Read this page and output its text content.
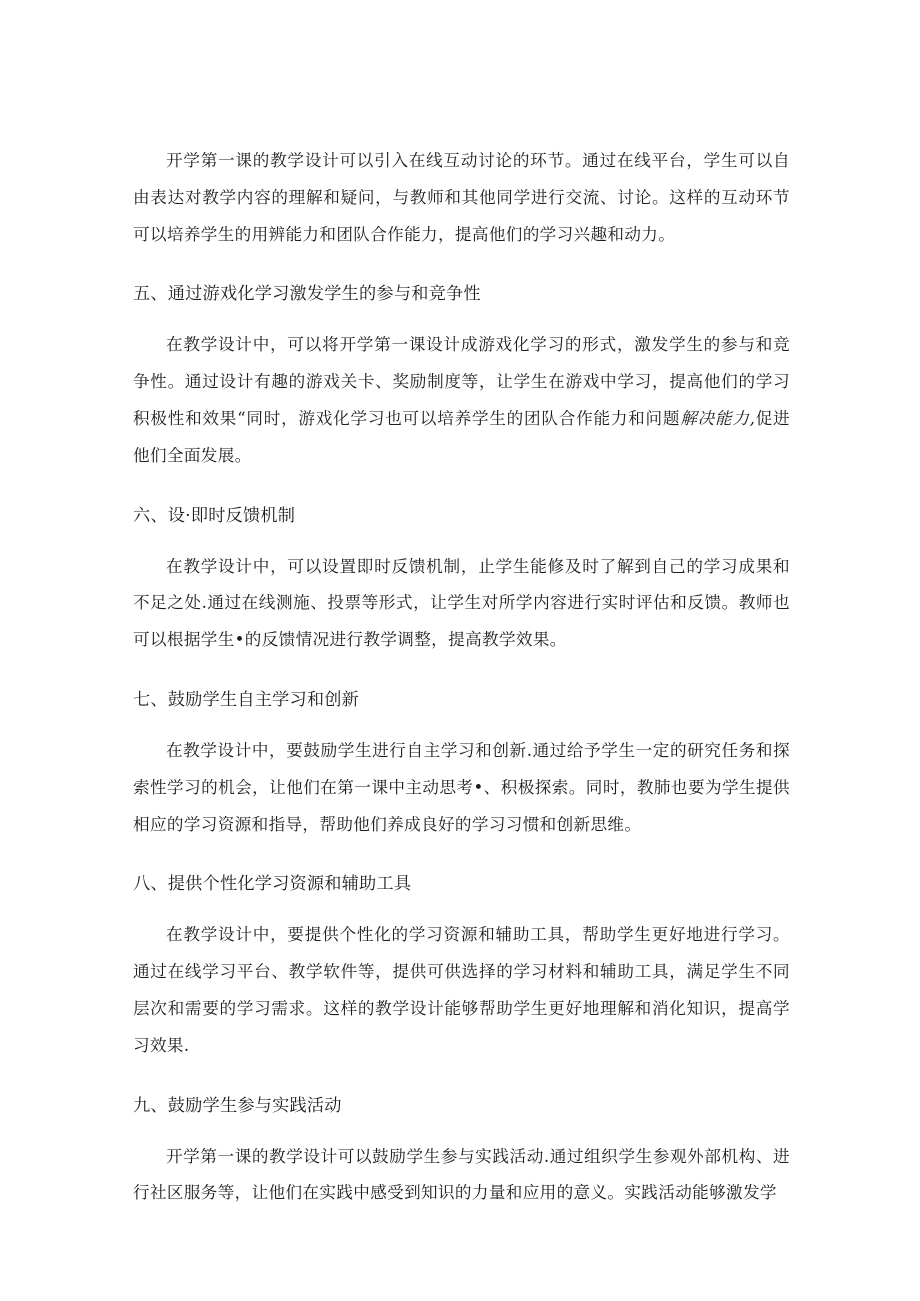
开学第一课的教学设计可以引入在线互动讨论的环节。通过在线平台，学生可以自由表达对教学内容的理解和疑问，与教师和其他同学进行交流、讨论。这样的互动环节可以培养学生的用辨能力和团队合作能力，提高他们的学习兴趣和动力。

五、通过游戏化学习激发学生的参与和竞争性

在教学设计中，可以将开学第一课设计成游戏化学习的形式，激发学生的参与和竞争性。通过设计有趣的游戏关卡、奖励制度等，让学生在游戏中学习，提高他们的学习积极性和效果“同时，游戏化学习也可以培养学生的团队合作能力和问题解决能力,促进他们全面发展。

六、设·即时反馈机制

在教学设计中，可以设置即时反馈机制，止学生能修及时了解到自己的学习成果和不足之处.通过在线测施、投票等形式，让学生对所学内容进行实时评估和反馈。教师也可以根据学生•的反馈情况进行教学调整，提高教学效果。

七、鼓励学生自主学习和创新

在教学设计中，要鼓励学生进行自主学习和创新.通过给予学生一定的研究任务和探索性学习的机会，让他们在第一课中主动思考•、积极探索。同时，教肺也要为学生提供相应的学习资源和指导，帮助他们养成良好的学习习惯和创新思维。

八、提供个性化学习资源和辅助工具

在教学设计中，要提供个性化的学习资源和辅助工具，帮助学生更好地进行学习。通过在线学习平台、教学软件等，提供可供选择的学习材料和辅助工具，满足学生不同层次和需要的学习需求。这样的教学设计能够帮助学生更好地理解和消化知识，提高学习效果.

九、鼓励学生参与实践活动

开学第一课的教学设计可以鼓励学生参与实践活动.通过组织学生参观外部机构、进行社区服务等，让他们在实践中感受到知识的力量和应用的意义。实践活动能够激发学
